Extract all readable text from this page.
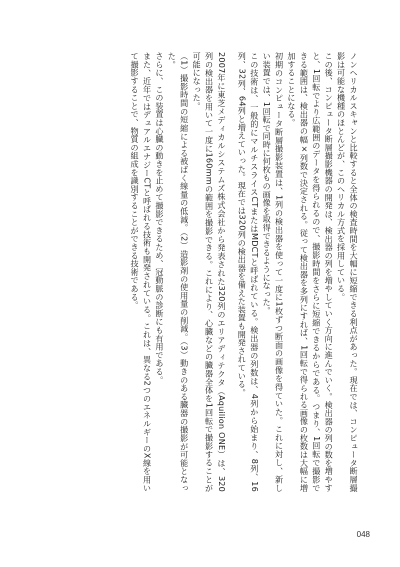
ノンヘリカルスキャンと比較すると全体の検査時間を大幅に短縮できる利点があった。現在では、コンピュータ断層撮影は可能な機種のほとんどが、このヘリカル方式を採用している。

この後、コンピュータ断層撮影機器の開発は、検出器の列を増やしていく方向に進んでいく。検出器の列の数を増やすと、1回転でより広範囲のデータを得られるので、撮影時間をさらに短縮できるからである。つまり、1回転で撮影できる範囲は、検出器の幅×列数で決定される。従って検出器を多列にすれば、1回転で得られる画像の枚数は大幅に増加することになる。

初期のコンピュータ断層撮影装置は、1列の検出器を使って一度に1枚ずつ断面の画像を得ていた。これに対し、新しい装置では、1回転で同時に何枚もの画像を取得できるようになった。

この技術は、一般的にマルチスライスCTまたはMDCTと呼ばれている。検出器の列数は、4列から始まり、8列、16列、32列、64列と増えていった。現在では320列の検出器を備えた装置も開発されている。

2007年に東芝メディカルシステムズ株式会社から発表された320列のエリアディテクタ（Aquilion ONE）は、320列の検出器を用いて一度に160mmの範囲を撮影できる。これにより、心臓などの臓器全体を1回転で撮影することが可能になった。

（1）撮影時間の短縮による被ばく線量の低減。（2）造影剤の使用量の削減。（3）動きのある臓器の撮影が可能となった。

さらに、この装置は心臓の動きを止めて撮影できるため、冠動脈の診断にも有用である。

また、近年ではデュアルエナジーCTと呼ばれる技術も開発されている。これは、異なる2つのエネルギーのX線を用いて撮影することで、物質の組成を識別することができる技術である。

048
